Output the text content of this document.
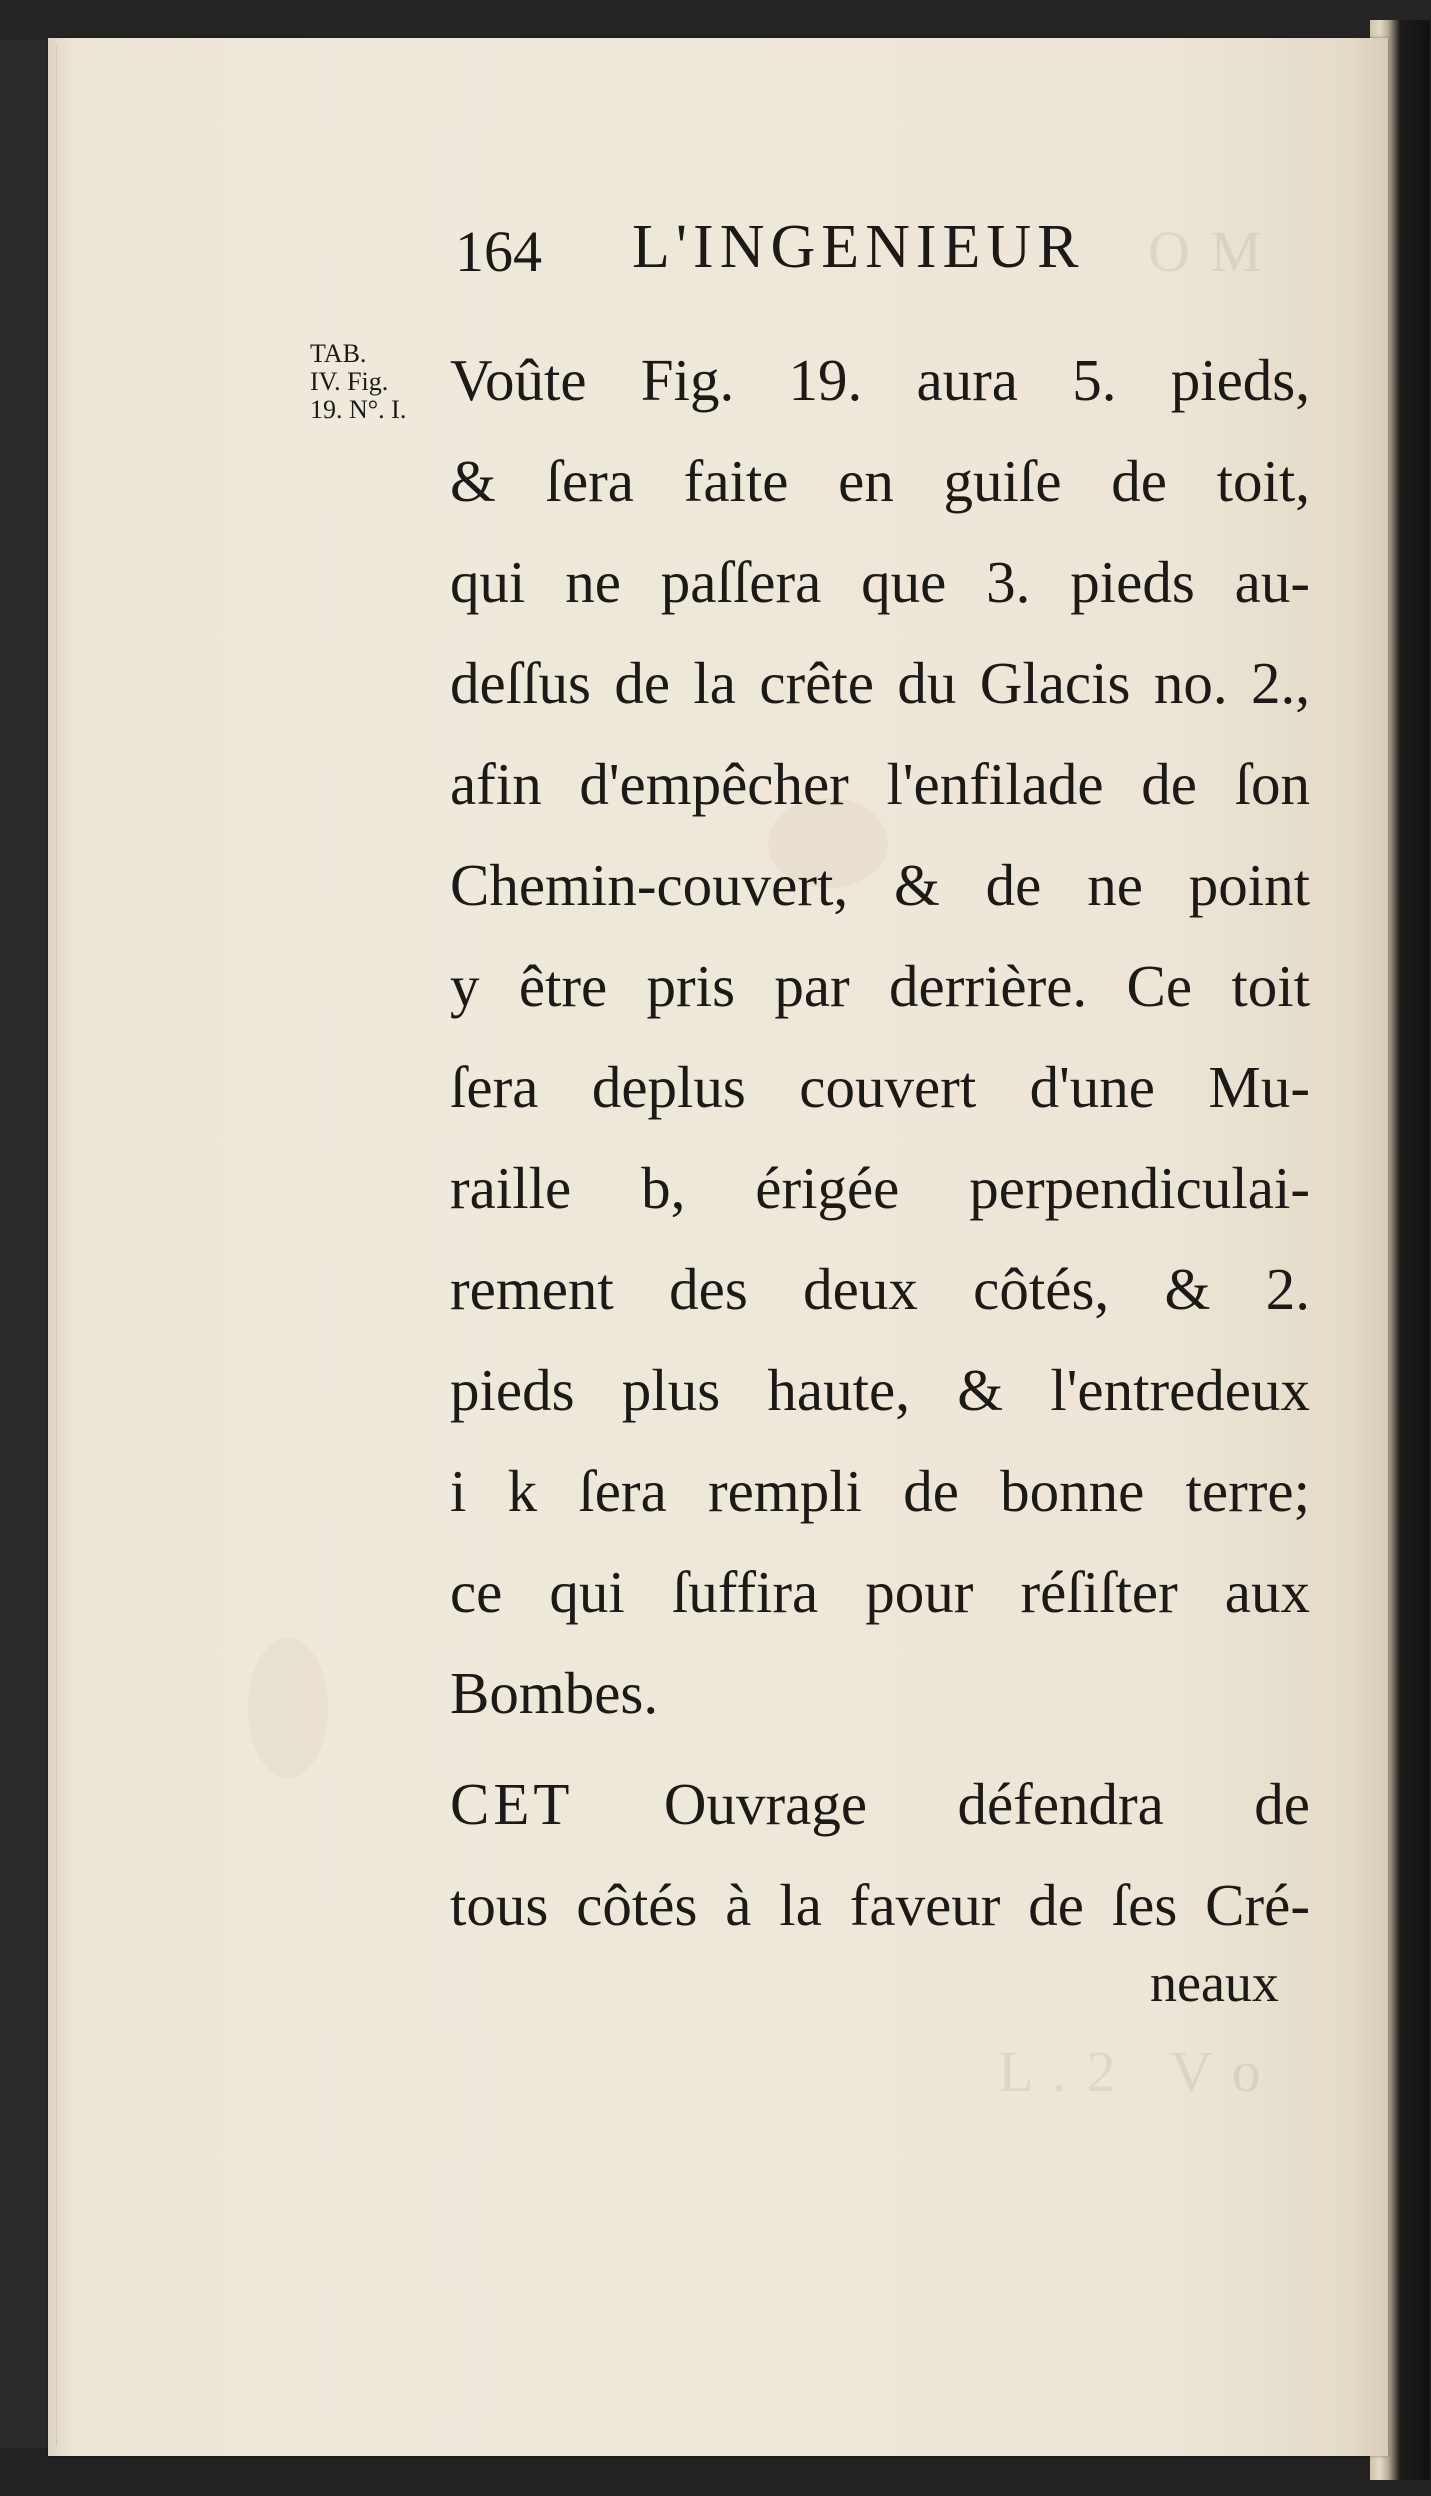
O M
L . 2   V o
164 L'INGENIEUR
TAB.
IV. Fig.
19. N°. I. Voûte Fig. 19. aura 5. pieds,
& ſera faite en guiſe de toit,
qui ne paſſera que 3. pieds au-
deſſus de la crête du Glacis no. 2.,
afin d'empêcher l'enfilade de ſon
Chemin-couvert, & de ne point
y être pris par derrière. Ce toit
ſera deplus couvert d'une Mu-
raille b, érigée perpendiculai-
rement des deux côtés, & 2.
pieds plus haute, & l'entredeux
i k ſera rempli de bonne terre;
ce qui ſuffira pour réſiſter aux
Bombes.
CET Ouvrage défendra de
tous côtés à la faveur de ſes Cré-
neaux
